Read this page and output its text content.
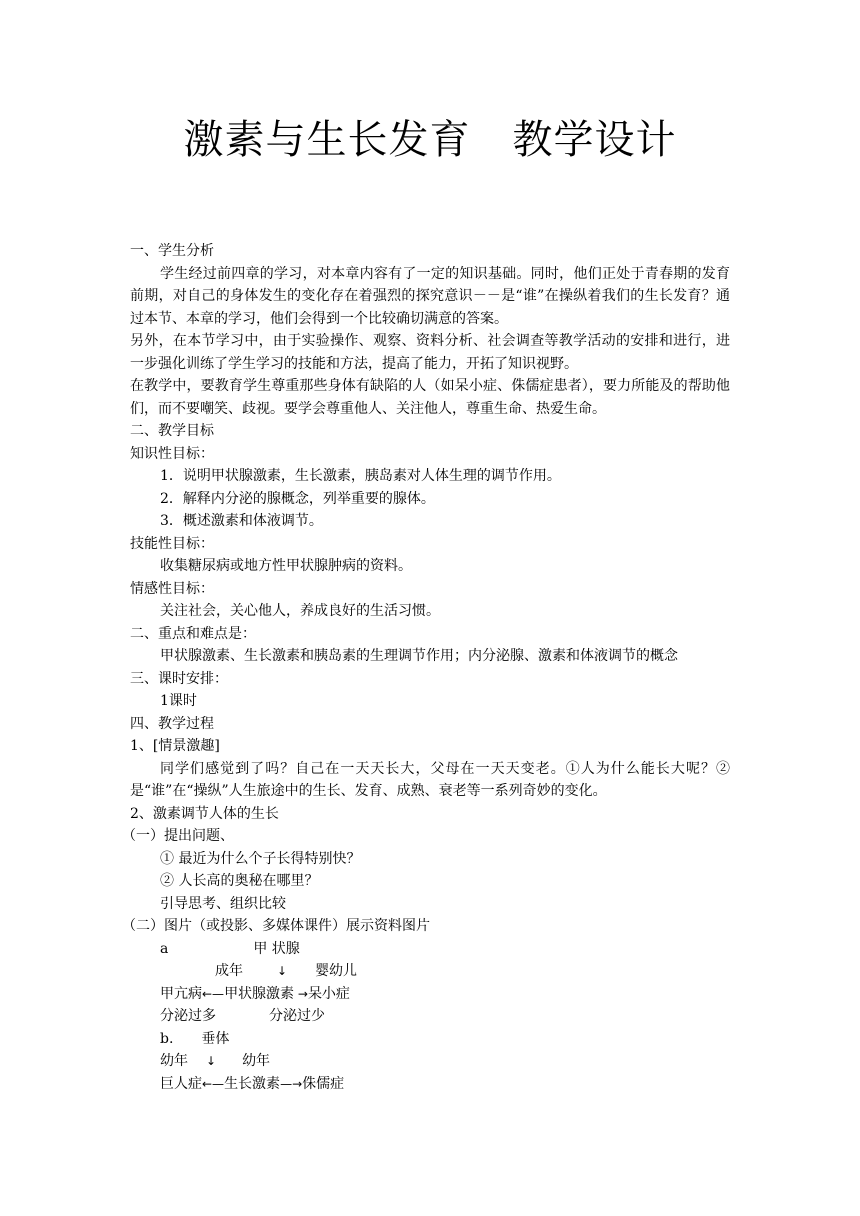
激素与生长发育 教学设计
一、学生分析
学生经过前四章的学习，对本章内容有了一定的知识基础。同时，他们正处于青春期的发育前期，对自己的身体发生的变化存在着强烈的探究意识－－是“谁”在操纵着我们的生长发育？通过本节、本章的学习，他们会得到一个比较确切满意的答案。
另外，在本节学习中，由于实验操作、观察、资料分析、社会调查等教学活动的安排和进行，进一步强化训练了学生学习的技能和方法，提高了能力，开拓了知识视野。
在教学中，要教育学生尊重那些身体有缺陷的人（如呆小症、侏儒症患者），要力所能及的帮助他们，而不要嘲笑、歧视。要学会尊重他人、关注他人，尊重生命、热爱生命。
二、教学目标
知识性目标：
1．说明甲状腺激素，生长激素，胰岛素对人体生理的调节作用。
2．解释内分泌的腺概念，列举重要的腺体。
3．概述激素和体液调节。
技能性目标：
收集糖尿病或地方性甲状腺肿病的资料。
情感性目标：
关注社会，关心他人，养成良好的生活习惯。
二、重点和难点是：
甲状腺激素、生长激素和胰岛素的生理调节作用；内分泌腺、激素和体液调节的概念
三、课时安排：
1课时
四、教学过程
1、[情景激趣]
同学们感觉到了吗？自己在一天天长大，父母在一天天变老。①人为什么能长大呢？②是“谁”在“操纵”人生旅途中的生长、发育、成熟、衰老等一系列奇妙的变化。
2、激素调节人体的生长
（一）提出问题、
① 最近为什么个子长得特别快？
② 人长高的奥秘在哪里？
引导思考、组织比较
（二）图片（或投影、多媒体课件）展示资料图片
a	甲 状腺
成年	↓ 婴幼儿
甲亢病←—甲状腺激素 →呆小症
分泌过多	分泌过少
b. 垂体
幼年 ↓ 幼年
巨人症←—生长激素—→侏儒症
